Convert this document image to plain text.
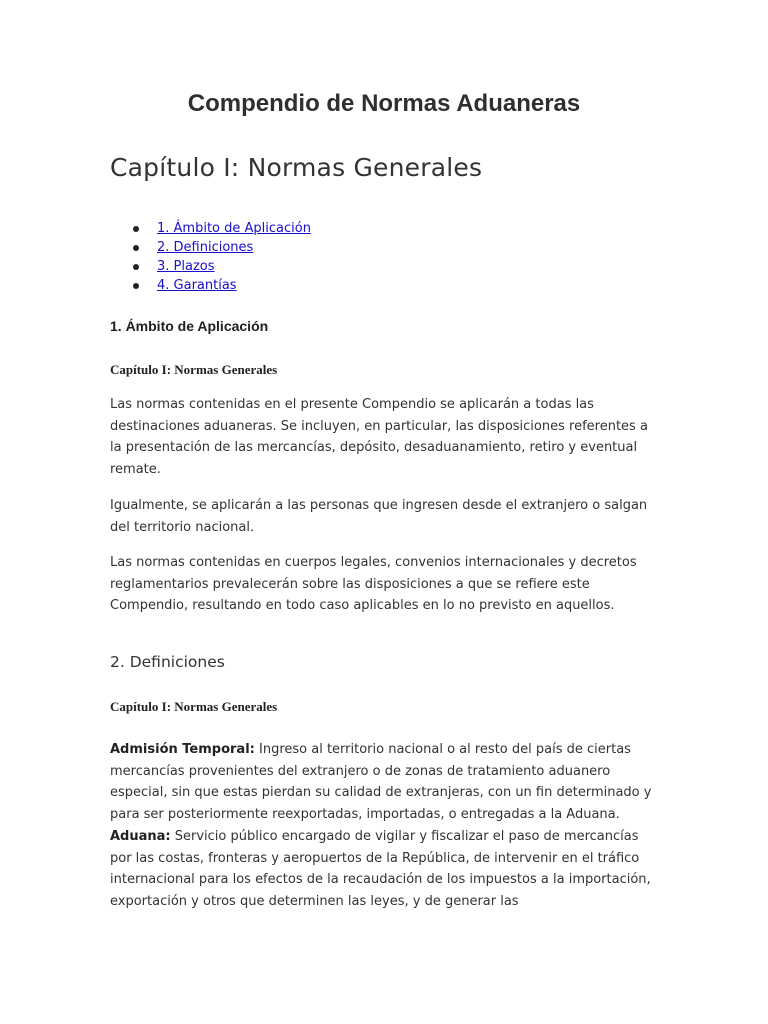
Compendio de Normas Aduaneras
Capítulo I: Normas Generales
1. Ámbito de Aplicación
2. Definiciones
3. Plazos
4. Garantías
1. Ámbito de Aplicación
Capítulo I: Normas Generales

Las normas contenidas en el presente Compendio se aplicarán a todas las destinaciones aduaneras. Se incluyen, en particular, las disposiciones referentes a la presentación de las mercancías, depósito, desaduanamiento, retiro y eventual remate.

Igualmente, se aplicarán a las personas que ingresen desde el extranjero o salgan del territorio nacional.

Las normas contenidas en cuerpos legales, convenios internacionales y decretos reglamentarios prevalecerán sobre las disposiciones a que se refiere este Compendio, resultando en todo caso aplicables en lo no previsto en aquellos.

2. Definiciones
Capítulo I: Normas Generales
Admisión Temporal: Ingreso al territorio nacional o al resto del país de ciertas mercancías provenientes del extranjero o de zonas de tratamiento aduanero especial, sin que estas pierdan su calidad de extranjeras, con un fin determinado y para ser posteriormente reexportadas, importadas, o entregadas a la Aduana.
Aduana: Servicio público encargado de vigilar y fiscalizar el paso de mercancías por las costas, fronteras y aeropuertos de la República, de intervenir en el tráfico internacional para los efectos de la recaudación de los impuestos a la importación, exportación y otros que determinen las leyes, y de generar las
